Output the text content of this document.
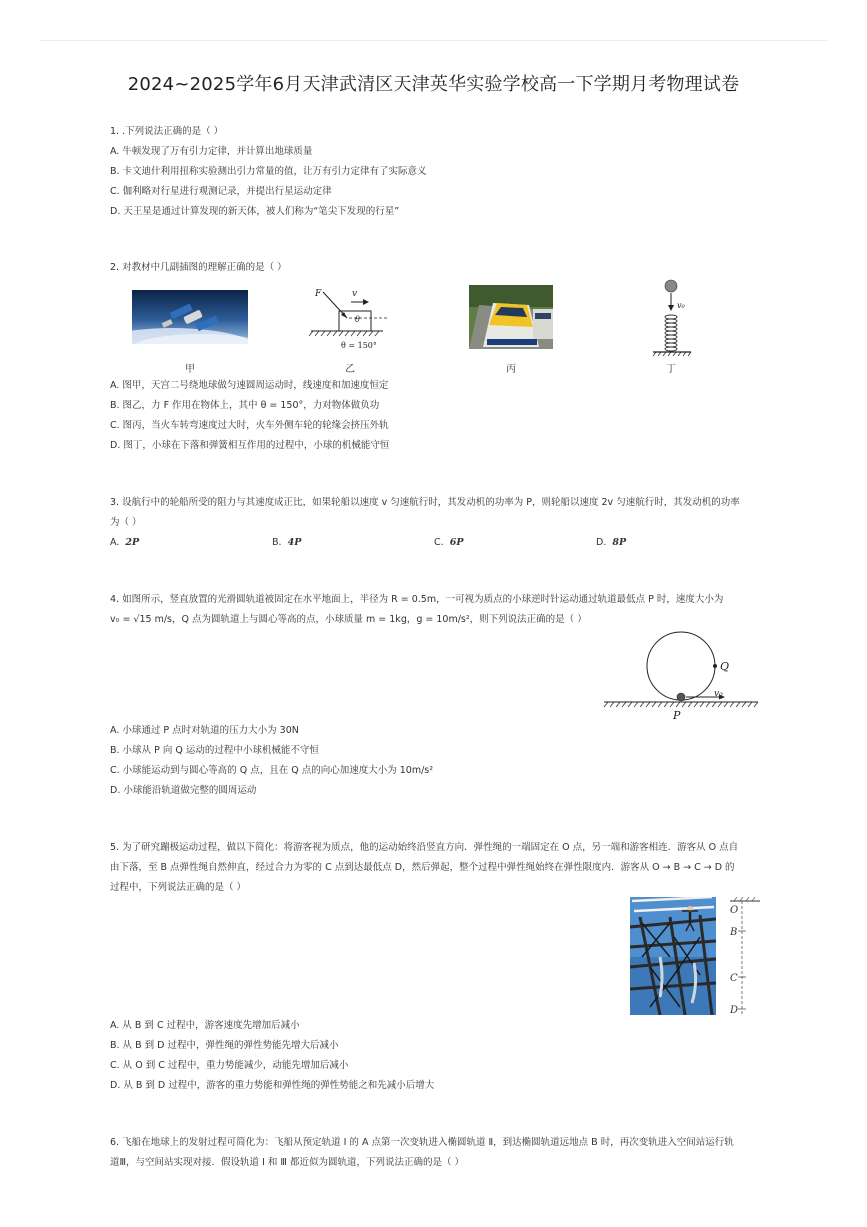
2024~2025学年6月天津武清区天津英华实验学校高一下学期月考物理试卷
1. .下列说法正确的是（ ）
A. 牛顿发现了万有引力定律，并计算出地球质量
B. 卡文迪什利用扭称实验测出引力常量的值，让万有引力定律有了实际意义
C. 伽利略对行星进行观测记录，并提出行星运动定律
D. 天王星是通过计算发现的新天体，被人们称为“笔尖下发现的行星”
2. 对教材中几副插图的理解正确的是（ ）
F	v
θ
θ = 150°
v₀
甲	乙	丙	丁
A. 图甲，天宫二号绕地球做匀速圆周运动时，线速度和加速度恒定
B. 图乙，力 F 作用在物体上，其中 θ = 150°，力对物体做负功
C. 图丙，当火车转弯速度过大时，火车外侧车轮的轮缘会挤压外轨
D. 图丁，小球在下落和弹簧相互作用的过程中，小球的机械能守恒
3. 设航行中的轮船所受的阻力与其速度成正比，如果轮船以速度 v 匀速航行时，其发动机的功率为 P，则轮船以速度 2v 匀速航行时，其发动机的功率
为（ ）
A. 2P	B. 4P	C. 6P	D. 8P
4. 如图所示，竖直放置的光滑圆轨道被固定在水平地面上，半径为 R = 0.5m，一可视为质点的小球逆时针运动通过轨道最低点 P 时，速度大小为
v₀ = √15 m/s，Q 点为圆轨道上与圆心等高的点，小球质量 m = 1kg，g = 10m/s²，则下列说法正确的是（ ）
Q
v₀
P
A. 小球通过 P 点时对轨道的压力大小为 30N
B. 小球从 P 向 Q 运动的过程中小球机械能不守恒
C. 小球能运动到与圆心等高的 Q 点，且在 Q 点的向心加速度大小为 10m/s²
D. 小球能沿轨道做完整的圆周运动
5. 为了研究蹦极运动过程，做以下简化：将游客视为质点，他的运动始终沿竖直方向．弹性绳的一端固定在 O 点，另一端和游客相连．游客从 O 点自
由下落，至 B 点弹性绳自然伸直，经过合力为零的 C 点到达最低点 D，然后弹起，整个过程中弹性绳始终在弹性限度内．游客从 O → B → C → D 的
过程中，下列说法正确的是（ ）
O
B
C
D
A. 从 B 到 C 过程中，游客速度先增加后减小
B. 从 B 到 D 过程中，弹性绳的弹性势能先增大后减小
C. 从 O 到 C 过程中，重力势能减少，动能先增加后减小
D. 从 B 到 D 过程中，游客的重力势能和弹性绳的弹性势能之和先减小后增大
6. 飞船在地球上的发射过程可简化为：飞船从预定轨道 Ⅰ 的 A 点第一次变轨进入椭圆轨道 Ⅱ，到达椭圆轨道远地点 B 时，再次变轨进入空间站运行轨
道Ⅲ，与空间站实现对接．假设轨道 Ⅰ 和 Ⅲ 都近似为圆轨道，下列说法正确的是（ ）
